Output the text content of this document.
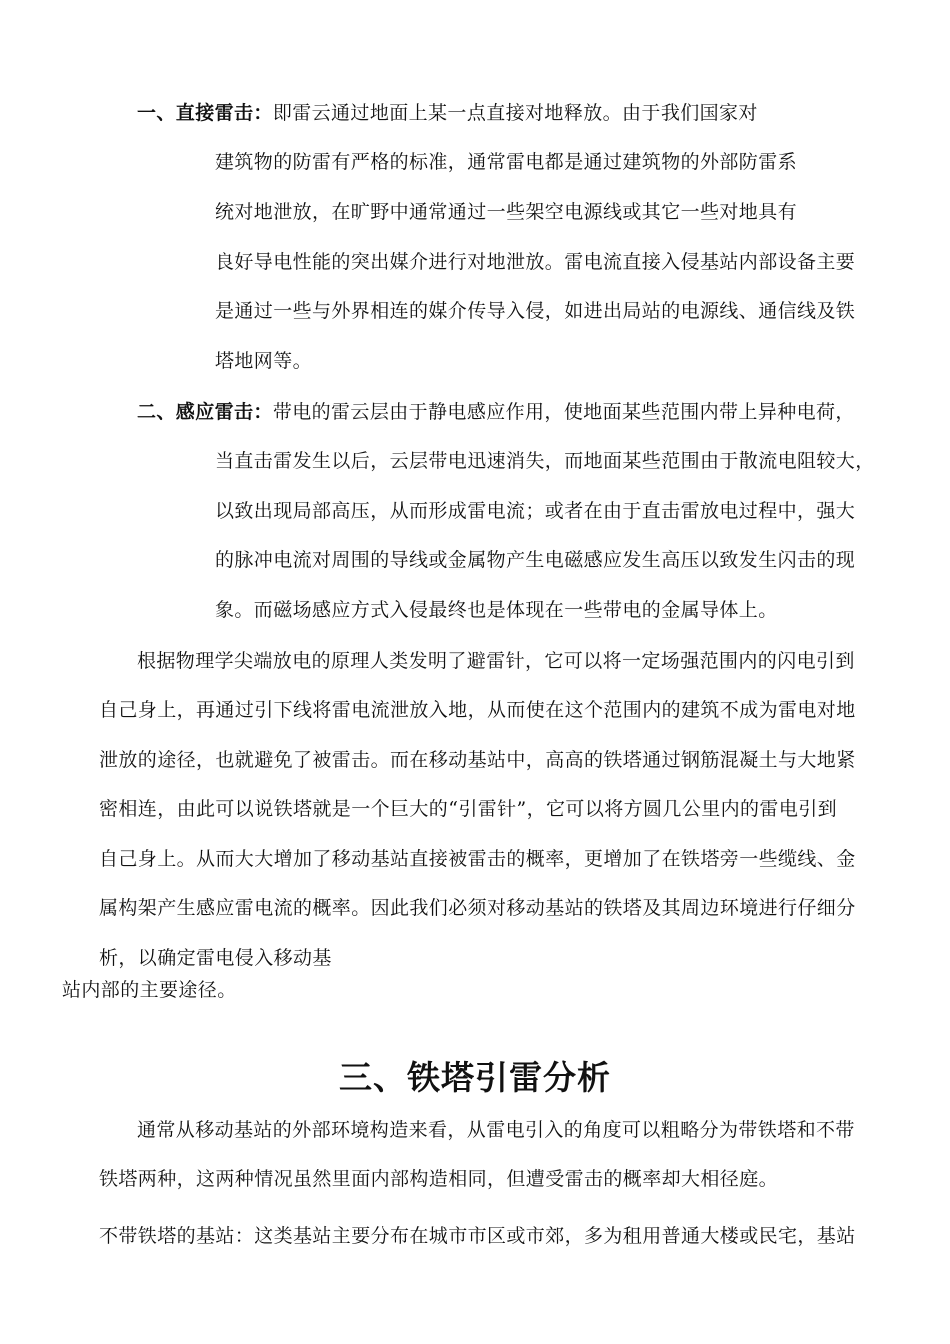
一、直接雷击：即雷云通过地面上某一点直接对地释放。由于我们国家对
建筑物的防雷有严格的标准，通常雷电都是通过建筑物的外部防雷系
统对地泄放，在旷野中通常通过一些架空电源线或其它一些对地具有
良好导电性能的突出媒介进行对地泄放。雷电流直接入侵基站内部设备主要
是通过一些与外界相连的媒介传导入侵，如进出局站的电源线、通信线及铁
塔地网等。
二、感应雷击：带电的雷云层由于静电感应作用，使地面某些范围内带上异种电荷，
当直击雷发生以后，云层带电迅速消失，而地面某些范围由于散流电阻较大，
以致出现局部高压，从而形成雷电流；或者在由于直击雷放电过程中，强大
的脉冲电流对周围的导线或金属物产生电磁感应发生高压以致发生闪击的现
象。而磁场感应方式入侵最终也是体现在一些带电的金属导体上。
根据物理学尖端放电的原理人类发明了避雷针，它可以将一定场强范围内的闪电引到
自己身上，再通过引下线将雷电流泄放入地，从而使在这个范围内的建筑不成为雷电对地
泄放的途径，也就避免了被雷击。而在移动基站中，高高的铁塔通过钢筋混凝土与大地紧
密相连，由此可以说铁塔就是一个巨大的“引雷针”，它可以将方圆几公里内的雷电引到
自己身上。从而大大增加了移动基站直接被雷击的概率，更增加了在铁塔旁一些缆线、金
属构架产生感应雷电流的概率。因此我们必须对移动基站的铁塔及其周边环境进行仔细分
析，以确定雷电侵入移动基
站内部的主要途径。
三、铁塔引雷分析
通常从移动基站的外部环境构造来看，从雷电引入的角度可以粗略分为带铁塔和不带
铁塔两种，这两种情况虽然里面内部构造相同，但遭受雷击的概率却大相径庭。
不带铁塔的基站：这类基站主要分布在城市市区或市郊，多为租用普通大楼或民宅，基站
